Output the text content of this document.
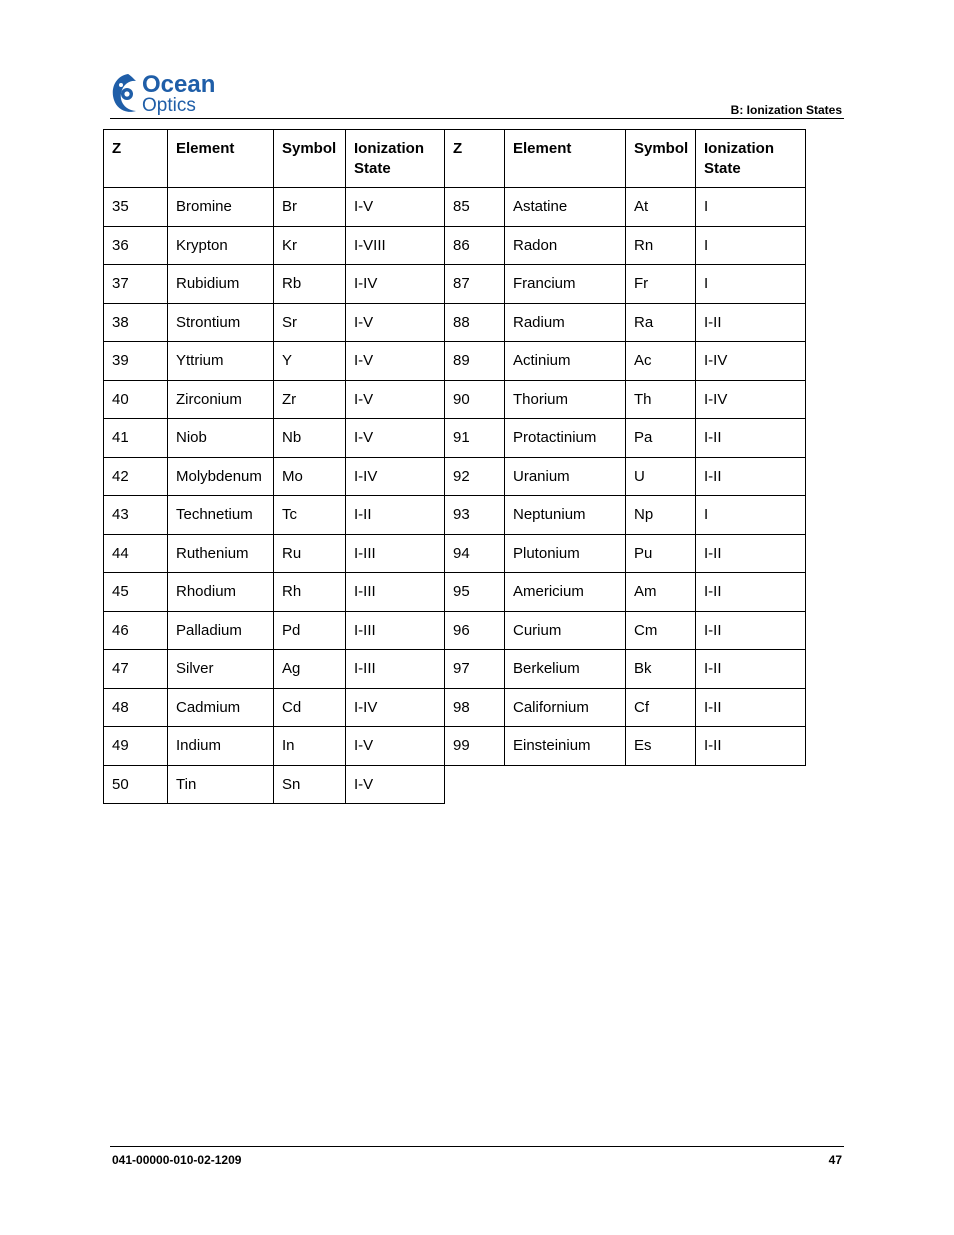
Ocean
Optics	B: Ionization States
Z	Element	Symbol	Ionization State	Z	Element	Symbol	Ionization State
35	Bromine	Br	I-V	85	Astatine	At	I
36	Krypton	Kr	I-VIII	86	Radon	Rn	I
37	Rubidium	Rb	I-IV	87	Francium	Fr	I
38	Strontium	Sr	I-V	88	Radium	Ra	I-II
39	Yttrium	Y	I-V	89	Actinium	Ac	I-IV
40	Zirconium	Zr	I-V	90	Thorium	Th	I-IV
41	Niob	Nb	I-V	91	Protactinium	Pa	I-II
42	Molybdenum	Mo	I-IV	92	Uranium	U	I-II
43	Technetium	Tc	I-II	93	Neptunium	Np	I
44	Ruthenium	Ru	I-III	94	Plutonium	Pu	I-II
45	Rhodium	Rh	I-III	95	Americium	Am	I-II
46	Palladium	Pd	I-III	96	Curium	Cm	I-II
47	Silver	Ag	I-III	97	Berkelium	Bk	I-II
48	Cadmium	Cd	I-IV	98	Californium	Cf	I-II
49	Indium	In	I-V	99	Einsteinium	Es	I-II
50	Tin	Sn	I-V				
041-00000-010-02-1209	47
